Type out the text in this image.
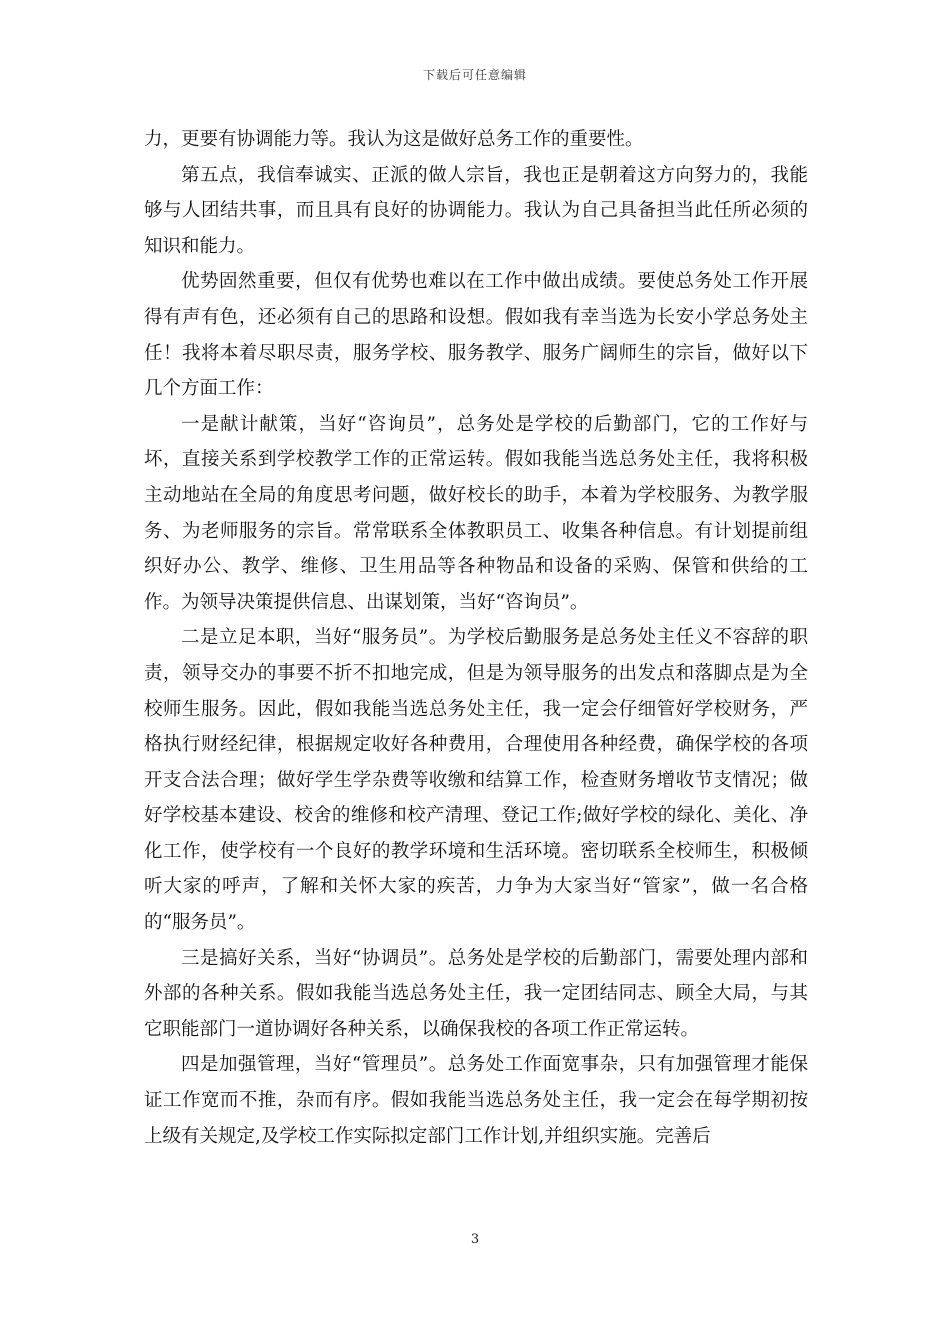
下载后可任意编辑

力，更要有协调能力等。我认为这是做好总务工作的重要性。

第五点，我信奉诚实、正派的做人宗旨，我也正是朝着这方向努力的，我能够与人团结共事，而且具有良好的协调能力。我认为自己具备担当此任所必须的知识和能力。

优势固然重要，但仅有优势也难以在工作中做出成绩。要使总务处工作开展得有声有色，还必须有自己的思路和设想。假如我有幸当选为长安小学总务处主任！我将本着尽职尽责，服务学校、服务教学、服务广阔师生的宗旨，做好以下几个方面工作：

一是献计献策，当好“咨询员”，总务处是学校的后勤部门，它的工作好与坏，直接关系到学校教学工作的正常运转。假如我能当选总务处主任，我将积极主动地站在全局的角度思考问题，做好校长的助手，本着为学校服务、为教学服务、为老师服务的宗旨。常常联系全体教职员工、收集各种信息。有计划提前组织好办公、教学、维修、卫生用品等各种物品和设备的采购、保管和供给的工作。为领导决策提供信息、出谋划策，当好“咨询员”。

二是立足本职，当好“服务员”。为学校后勤服务是总务处主任义不容辞的职责，领导交办的事要不折不扣地完成，但是为领导服务的出发点和落脚点是为全校师生服务。因此，假如我能当选总务处主任，我一定会仔细管好学校财务，严格执行财经纪律，根据规定收好各种费用，合理使用各种经费，确保学校的各项开支合法合理；做好学生学杂费等收缴和结算工作，检查财务增收节支情况；做好学校基本建设、校舍的维修和校产清理、登记工作;做好学校的绿化、美化、净化工作，使学校有一个良好的教学环境和生活环境。密切联系全校师生，积极倾听大家的呼声，了解和关怀大家的疾苦，力争为大家当好“管家”，做一名合格的“服务员”。

三是搞好关系，当好“协调员”。总务处是学校的后勤部门，需要处理内部和外部的各种关系。假如我能当选总务处主任，我一定团结同志、顾全大局，与其它职能部门一道协调好各种关系，以确保我校的各项工作正常运转。

四是加强管理，当好“管理员”。总务处工作面宽事杂，只有加强管理才能保证工作宽而不推，杂而有序。假如我能当选总务处主任，我一定会在每学期初按上级有关规定,及学校工作实际拟定部门工作计划,并组织实施。完善后

3
